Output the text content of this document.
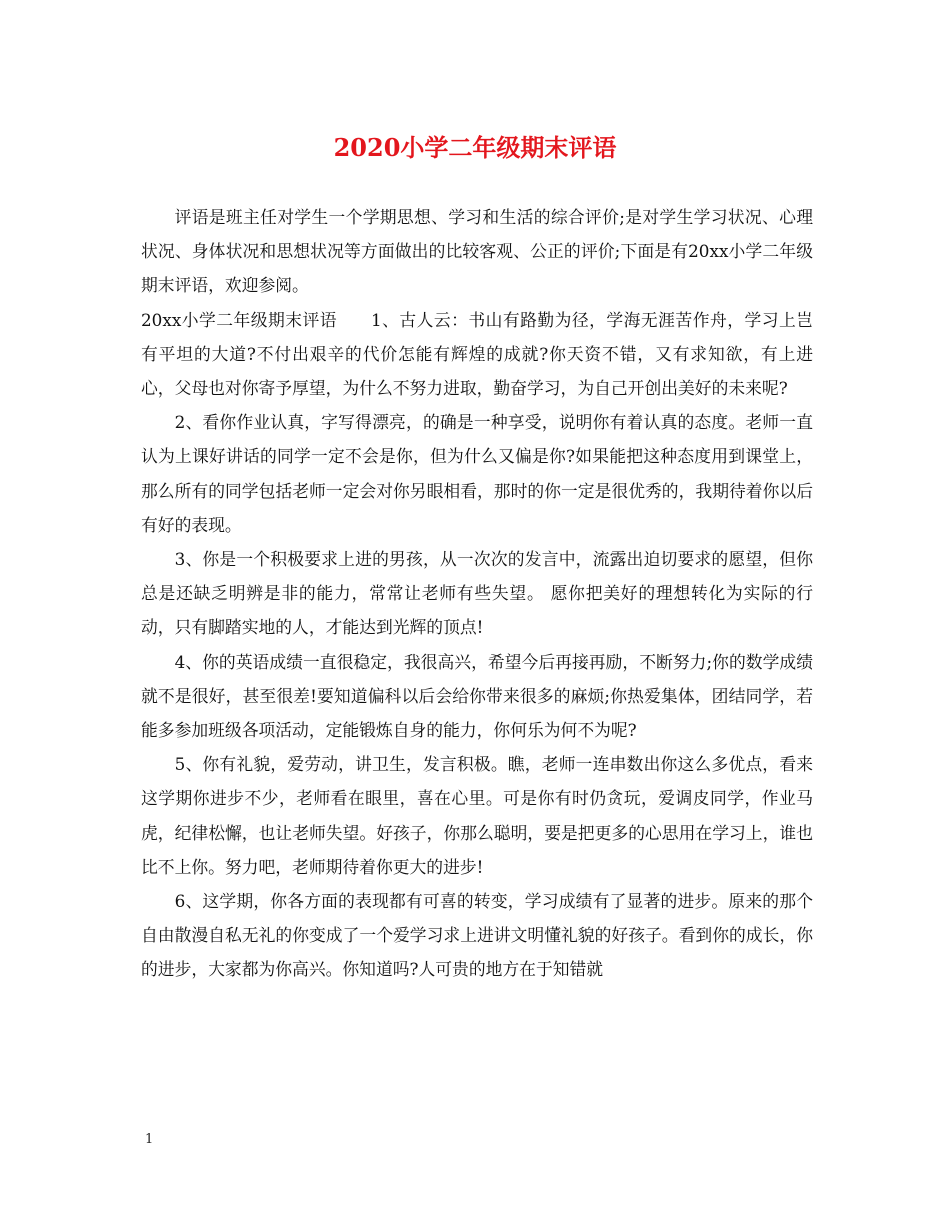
2020小学二年级期末评语

评语是班主任对学生一个学期思想、学习和生活的综合评价;是对学生学习状况、心理状况、身体状况和思想状况等方面做出的比较客观、公正的评价;下面是有20xx小学二年级期末评语，欢迎参阅。

20xx小学二年级期末评语 1、古人云：书山有路勤为径，学海无涯苦作舟，学习上岂有平坦的大道?不付出艰辛的代价怎能有辉煌的成就?你天资不错，又有求知欲，有上进心，父母也对你寄予厚望，为什么不努力进取，勤奋学习，为自己开创出美好的未来呢?

2、看你作业认真，字写得漂亮，的确是一种享受，说明你有着认真的态度。老师一直认为上课好讲话的同学一定不会是你，但为什么又偏是你?如果能把这种态度用到课堂上，那么所有的同学包括老师一定会对你另眼相看，那时的你一定是很优秀的，我期待着你以后有好的表现。

3、你是一个积极要求上进的男孩，从一次次的发言中，流露出迫切要求的愿望，但你总是还缺乏明辨是非的能力，常常让老师有些失望。 愿你把美好的理想转化为实际的行动，只有脚踏实地的人，才能达到光辉的顶点!

4、你的英语成绩一直很稳定，我很高兴，希望今后再接再励，不断努力;你的数学成绩就不是很好，甚至很差!要知道偏科以后会给你带来很多的麻烦;你热爱集体，团结同学，若能多参加班级各项活动，定能锻炼自身的能力，你何乐为何不为呢?

5、你有礼貌，爱劳动，讲卫生，发言积极。瞧，老师一连串数出你这么多优点，看来这学期你进步不少，老师看在眼里，喜在心里。可是你有时仍贪玩，爱调皮同学，作业马虎，纪律松懈，也让老师失望。好孩子，你那么聪明，要是把更多的心思用在学习上，谁也比不上你。努力吧，老师期待着你更大的进步!

6、这学期，你各方面的表现都有可喜的转变，学习成绩有了显著的进步。原来的那个自由散漫自私无礼的你变成了一个爱学习求上进讲文明懂礼貌的好孩子。看到你的成长，你的进步，大家都为你高兴。你知道吗?人可贵的地方在于知错就

1
